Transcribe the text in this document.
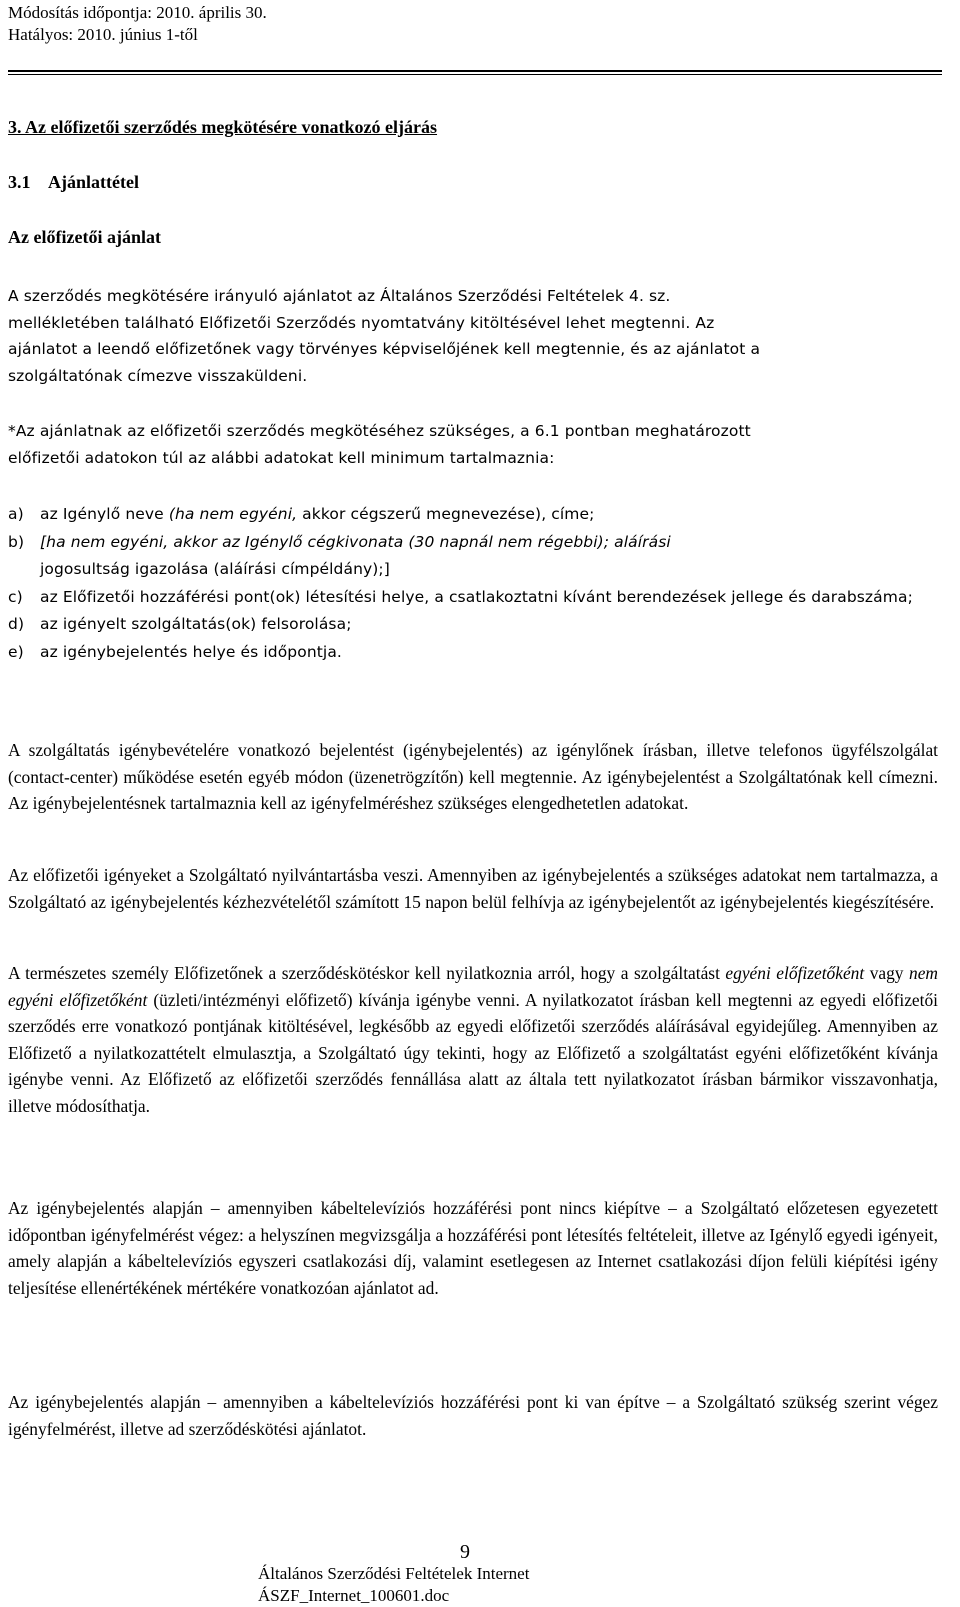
Módosítás időpontja: 2010. április 30.
Hatályos: 2010. június 1-től
3. Az előfizetői szerződés megkötésére vonatkozó eljárás
3.1 Ajánlattétel
Az előfizetői ajánlat
A szerződés megkötésére irányuló ajánlatot az Általános Szerződési Feltételek 4. sz.
mellékletében található Előfizetői Szerződés nyomtatvány kitöltésével lehet megtenni. Az
ajánlatot a leendő előfizetőnek vagy törvényes képviselőjének kell megtennie, és az ajánlatot a
szolgáltatónak címezve visszaküldeni.
*Az ajánlatnak az előfizetői szerződés megkötéséhez szükséges, a 6.1 pontban meghatározott
előfizetői adatokon túl az alábbi adatokat kell minimum tartalmaznia:
a)	az Igénylő neve (ha nem egyéni, akkor cégszerű megnevezése), címe;
b)	[ha nem egyéni, akkor az Igénylő cégkivonata (30 napnál nem régebbi); aláírási
jogosultság igazolása (aláírási címpéldány);]
c)	az Előfizetői hozzáférési pont(ok) létesítési helye, a csatlakoztatni kívánt berendezések jellege és darabszáma;
d)	az igényelt szolgáltatás(ok) felsorolása;
e)	az igénybejelentés helye és időpontja.

A szolgáltatás igénybevételére vonatkozó bejelentést (igénybejelentés) az igénylőnek írásban, illetve telefonos ügyfélszolgálat (contact-center) működése esetén egyéb módon (üzenetrögzítőn) kell megtennie. Az igénybejelentést a Szolgáltatónak kell címezni. Az igénybejelentésnek tartalmaznia kell az igényfelméréshez szükséges elengedhetetlen adatokat.

Az előfizetői igényeket a Szolgáltató nyilvántartásba veszi. Amennyiben az igénybejelentés a szükséges adatokat nem tartalmazza, a Szolgáltató az igénybejelentés kézhezvételétől számított 15 napon belül felhívja az igénybejelentőt az igénybejelentés kiegészítésére.

A természetes személy Előfizetőnek a szerződéskötéskor kell nyilatkoznia arról, hogy a szolgáltatást egyéni előfizetőként vagy nem egyéni előfizetőként (üzleti/intézményi előfizető) kívánja igénybe venni. A nyilatkozatot írásban kell megtenni az egyedi előfizetői szerződés erre vonatkozó pontjának kitöltésével, legkésőbb az egyedi előfizetői szerződés aláírásával egyidejűleg. Amennyiben az Előfizető a nyilatkozattételt elmulasztja, a Szolgáltató úgy tekinti, hogy az Előfizető a szolgáltatást egyéni előfizetőként kívánja igénybe venni. Az Előfizető az előfizetői szerződés fennállása alatt az általa tett nyilatkozatot írásban bármikor visszavonhatja, illetve módosíthatja.

Az igénybejelentés alapján – amennyiben kábeltelevíziós hozzáférési pont nincs kiépítve – a Szolgáltató előzetesen egyezetett időpontban igényfelmérést végez: a helyszínen megvizsgálja a hozzáférési pont létesítés feltételeit, illetve az Igénylő egyedi igényeit, amely alapján a kábeltelevíziós egyszeri csatlakozási díj, valamint esetlegesen az Internet csatlakozási díjon felüli kiépítési igény teljesítése ellenértékének mértékére vonatkozóan ajánlatot ad.

Az igénybejelentés alapján – amennyiben a kábeltelevíziós hozzáférési pont ki van építve – a Szolgáltató szükség szerint végez igényfelmérést, illetve ad szerződéskötési ajánlatot.

9
Általános Szerződési Feltételek Internet
ÁSZF_Internet_100601.doc
